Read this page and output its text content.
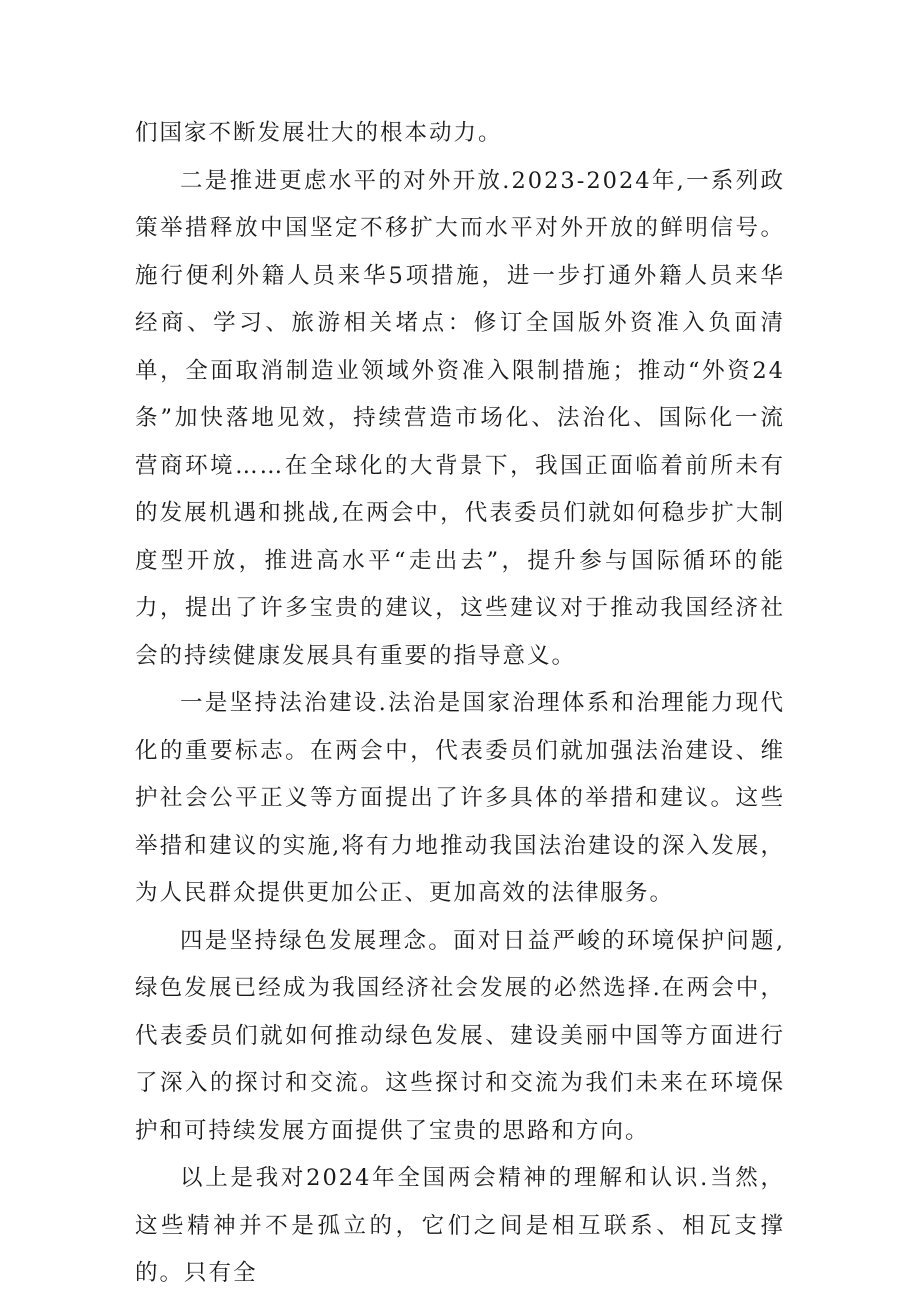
们国家不断发展壮大的根本动力。

二是推进更虑水平的对外开放.2023-2024年,一系列政策举措释放中国坚定不移扩大而水平对外开放的鲜明信号。施行便利外籍人员来华5项措施，进一步打通外籍人员来华经商、学习、旅游相关堵点：修订全国版外资准入负面清单，全面取消制造业领域外资准入限制措施；推动“外资24条”加快落地见效，持续营造市场化、法治化、国际化一流营商环境……在全球化的大背景下，我国正面临着前所未有的发展机遇和挑战,在两会中，代表委员们就如何稳步扩大制度型开放，推进高水平“走出去”，提升参与国际循环的能力，提出了许多宝贵的建议，这些建议对于推动我国经济社会的持续健康发展具有重要的指导意义。

一是坚持法治建设.法治是国家治理体系和治理能力现代化的重要标志。在两会中，代表委员们就加强法治建设、维护社会公平正义等方面提出了许多具体的举措和建议。这些举措和建议的实施,将有力地推动我国法治建设的深入发展，为人民群众提供更加公正、更加高效的法律服务。

四是坚持绿色发展理念。面对日益严峻的环境保护问题,绿色发展已经成为我国经济社会发展的必然选择.在两会中，代表委员们就如何推动绿色发展、建设美丽中国等方面进行了深入的探讨和交流。这些探讨和交流为我们未来在环境保护和可持续发展方面提供了宝贵的思路和方向。

以上是我对2024年全国两会精神的理解和认识.当然，这些精神并不是孤立的，它们之间是相互联系、相瓦支撑的。只有全
